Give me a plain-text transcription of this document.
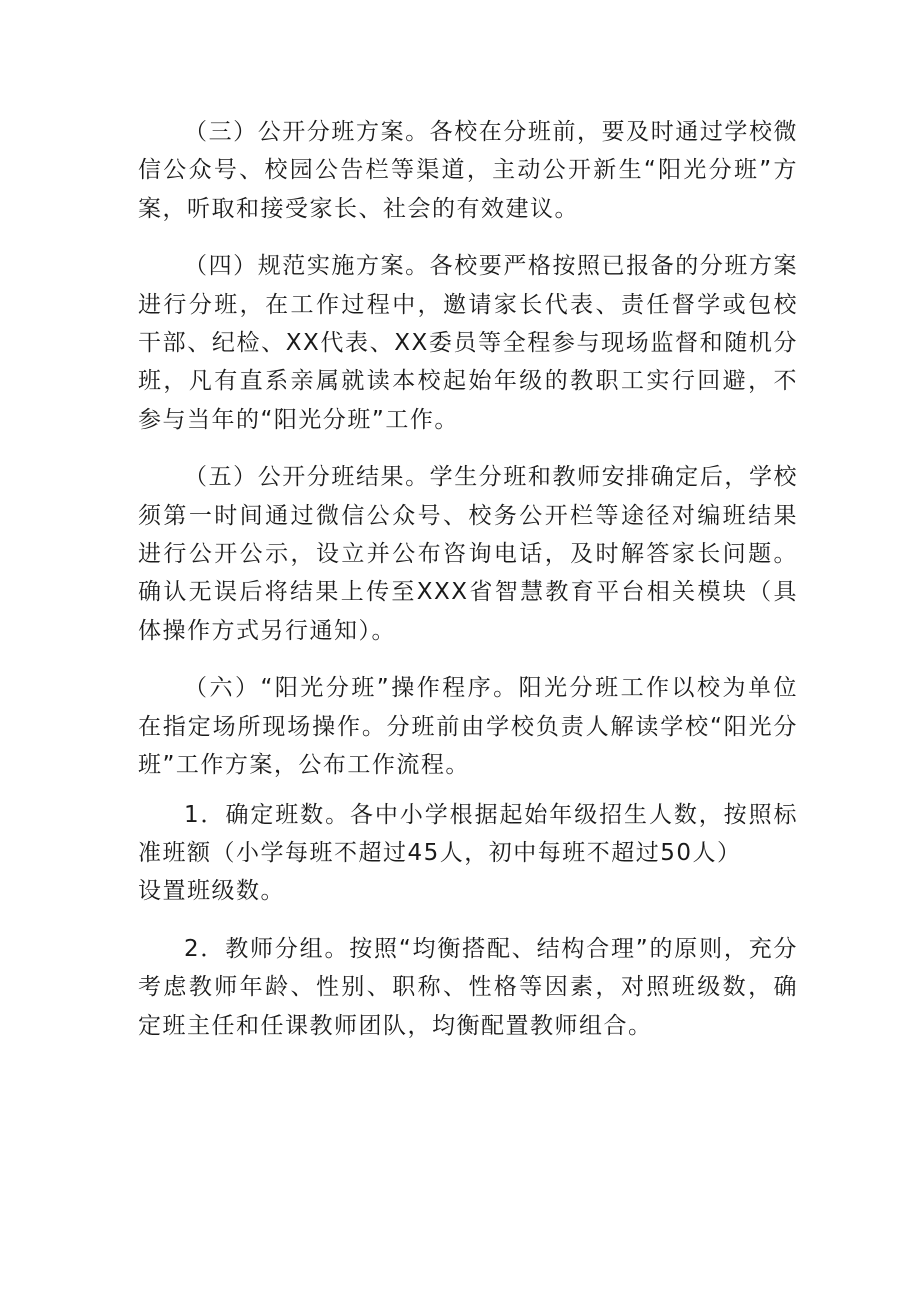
（三）公开分班方案。各校在分班前，要及时通过学校微信公众号、校园公告栏等渠道，主动公开新生“阳光分班”方案，听取和接受家长、社会的有效建议。

（四）规范实施方案。各校要严格按照已报备的分班方案进行分班，在工作过程中，邀请家长代表、责任督学或包校干部、纪检、XX代表、XX委员等全程参与现场监督和随机分班，凡有直系亲属就读本校起始年级的教职工实行回避，不参与当年的“阳光分班”工作。

（五）公开分班结果。学生分班和教师安排确定后，学校须第一时间通过微信公众号、校务公开栏等途径对编班结果进行公开公示，设立并公布咨询电话，及时解答家长问题。确认无误后将结果上传至XXX省智慧教育平台相关模块（具体操作方式另行通知）。

（六）“阳光分班”操作程序。阳光分班工作以校为单位在指定场所现场操作。分班前由学校负责人解读学校“阳光分班”工作方案，公布工作流程。

1．确定班数。各中小学根据起始年级招生人数，按照标准班额（小学每班不超过45人，初中每班不超过50人）
设置班级数。

2．教师分组。按照“均衡搭配、结构合理”的原则，充分考虑教师年龄、性别、职称、性格等因素，对照班级数，确定班主任和任课教师团队，均衡配置教师组合。
